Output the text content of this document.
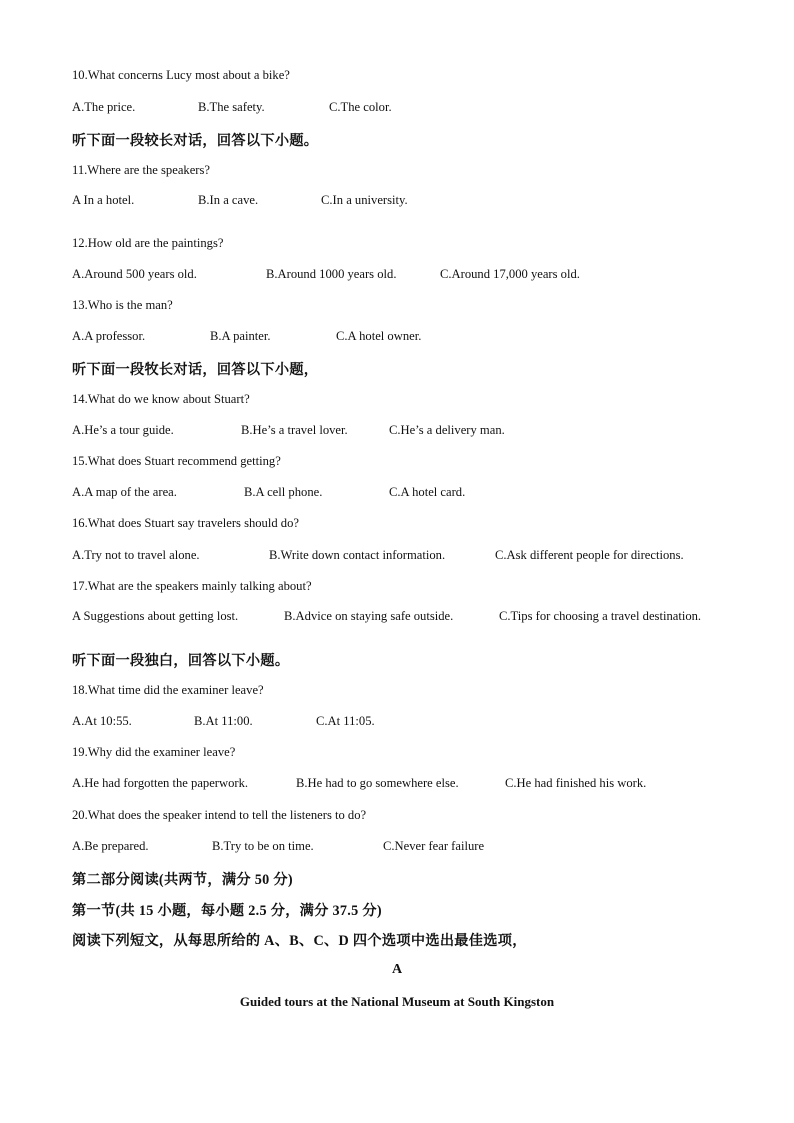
10.What concerns Lucy most about a bike?
A.The price.	B.The safety.	C.The color.
听下面一段较长对话，回答以下小题。
11.Where are the speakers?
A In a hotel.	B.In a cave.	C.In a university.
12.How old are the paintings?
A.Around 500 years old.	B.Around 1000 years old.	C.Around 17,000 years old.
13.Who is the man?
A.A professor.	B.A painter.	C.A hotel owner.
听下面一段牧长对话，回答以下小题，
14.What do we know about Stuart?
A.He’s a tour guide.	B.He’s a travel lover.	C.He’s a delivery man.
15.What does Stuart recommend getting?
A.A map of the area.	B.A cell phone.	C.A hotel card.
16.What does Stuart say travelers should do?
A.Try not to travel alone.	B.Write down contact information.	C.Ask different people for directions.
17.What are the speakers mainly talking about?
A Suggestions about getting lost.	B.Advice on staying safe outside.	C.Tips for choosing a travel destination.
听下面一段独白，回答以下小题。
18.What time did the examiner leave?
A.At 10:55.	B.At 11:00.	C.At 11:05.
19.Why did the examiner leave?
A.He had forgotten the paperwork.	B.He had to go somewhere else.	C.He had finished his work.
20.What does the speaker intend to tell the listeners to do?
A.Be prepared.	B.Try to be on time.	C.Never fear failure
第二部分阅读(共两节，满分 50 分)
第一节(共 15 小题，每小题 2.5 分，满分 37.5 分)
阅读下列短文，从每思所给的 A、B、C、D 四个选项中选出最佳选项，
A
Guided tours at the National Museum at South Kingston
